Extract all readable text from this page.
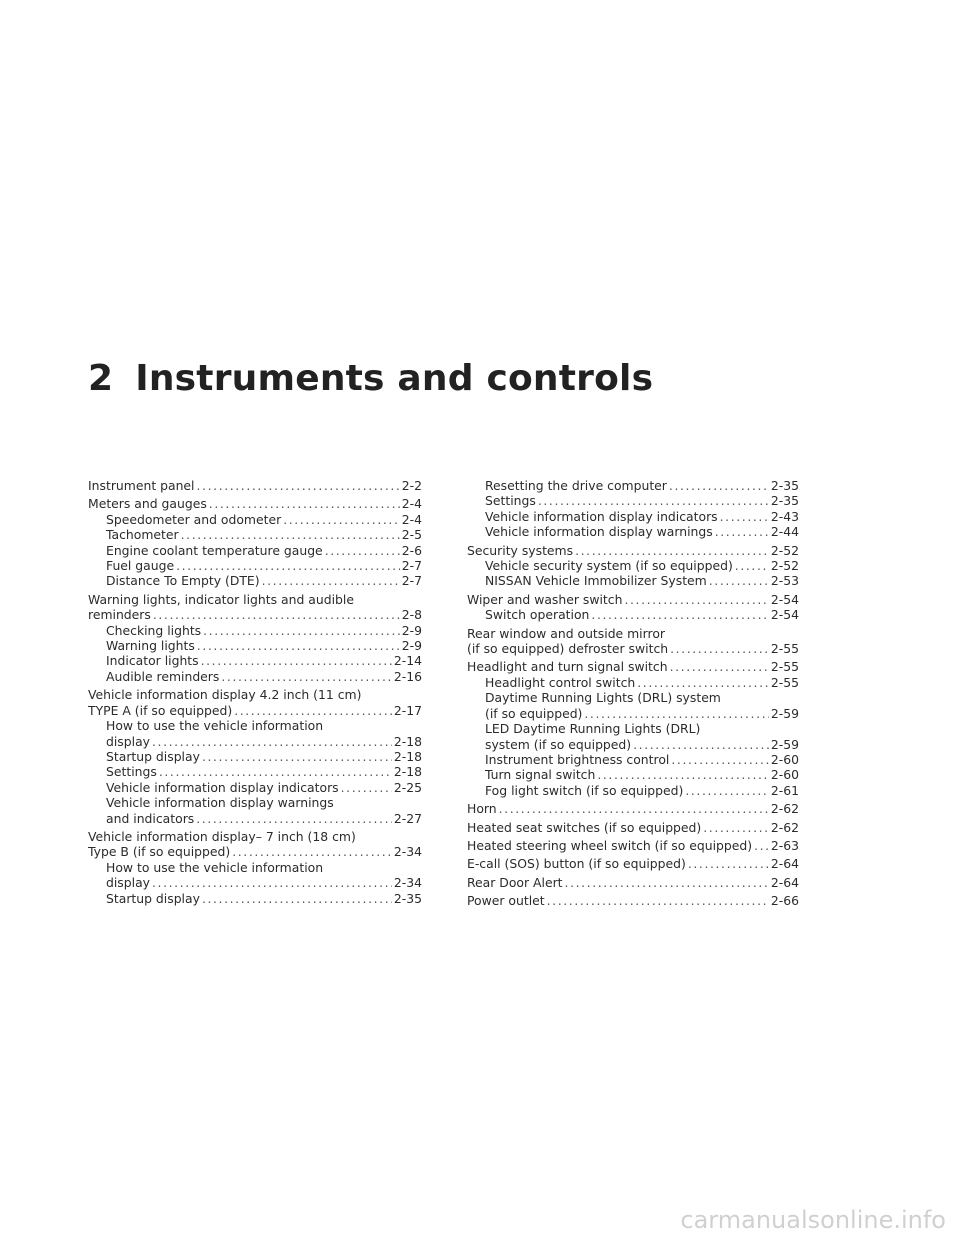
2 Instruments and controls
Instrument panel .....	2-2
Meters and gauges .....	2-4
Speedometer and odometer .....	2-4
Tachometer .....	2-5
Engine coolant temperature gauge .....	2-6
Fuel gauge .....	2-7
Distance To Empty (DTE) .....	2-7
Warning lights, indicator lights and audible
reminders .....	2-8
Checking lights .....	2-9
Warning lights .....	2-9
Indicator lights .....	2-14
Audible reminders .....	2-16
Vehicle information display 4.2 inch (11 cm)
TYPE A (if so equipped) .....	2-17
How to use the vehicle information
display .....	2-18
Startup display .....	2-18
Settings .....	2-18
Vehicle information display indicators .....	2-25
Vehicle information display warnings
and indicators .....	2-27
Vehicle information display– 7 inch (18 cm)
Type B (if so equipped) .....	2-34
How to use the vehicle information
display .....	2-34
Startup display .....	2-35
Resetting the drive computer .....	2-35
Settings .....	2-35
Vehicle information display indicators .....	2-43
Vehicle information display warnings .....	2-44
Security systems .....	2-52
Vehicle security system (if so equipped) .....	2-52
NISSAN Vehicle Immobilizer System .....	2-53
Wiper and washer switch .....	2-54
Switch operation .....	2-54
Rear window and outside mirror
(if so equipped) defroster switch .....	2-55
Headlight and turn signal switch .....	2-55
Headlight control switch .....	2-55
Daytime Running Lights (DRL) system
(if so equipped) .....	2-59
LED Daytime Running Lights (DRL)
system (if so equipped) .....	2-59
Instrument brightness control .....	2-60
Turn signal switch .....	2-60
Fog light switch (if so equipped) .....	2-61
Horn .....	2-62
Heated seat switches (if so equipped) .....	2-62
Heated steering wheel switch (if so equipped) ..... 2-63
E-call (SOS) button (if so equipped) .....	2-64
Rear Door Alert .....	2-64
Power outlet .....	2-66
carmanualsonline.info
